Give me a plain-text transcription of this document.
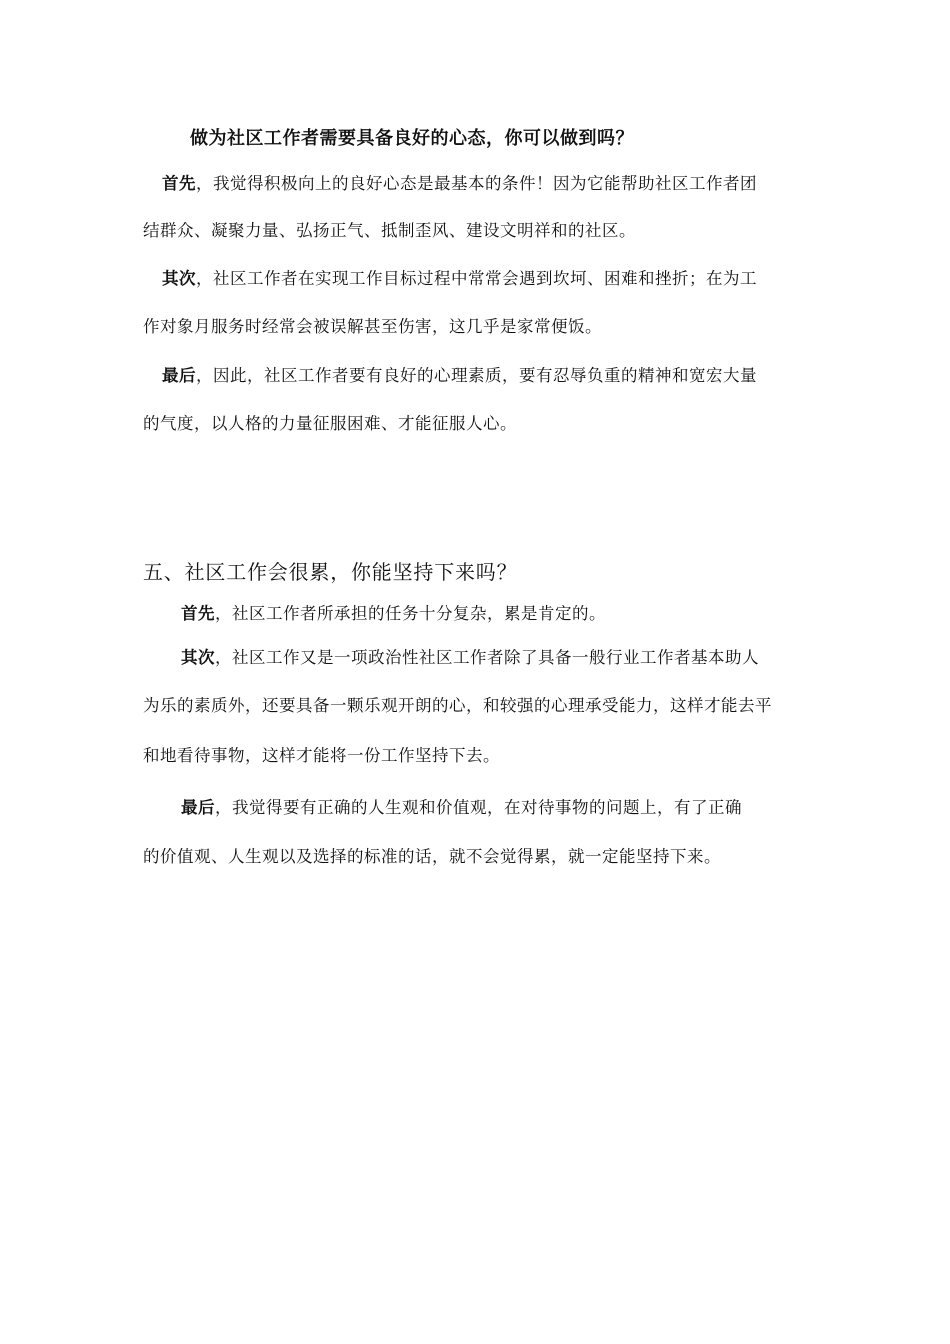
做为社区工作者需要具备良好的心态，你可以做到吗？
首先，我觉得积极向上的良好心态是最基本的条件！因为它能帮助社区工作者团
结群众、凝聚力量、弘扬正气、抵制歪风、建设文明祥和的社区。
其次，社区工作者在实现工作目标过程中常常会遇到坎坷、困难和挫折；在为工
作对象月服务时经常会被误解甚至伤害，这几乎是家常便饭。
最后，因此，社区工作者要有良好的心理素质，要有忍辱负重的精神和宽宏大量
的气度，以人格的力量征服困难、才能征服人心。
五、社区工作会很累，你能坚持下来吗？
首先，社区工作者所承担的任务十分复杂，累是肯定的。
其次，社区工作又是一项政治性社区工作者除了具备一般行业工作者基本助人
为乐的素质外，还要具备一颗乐观开朗的心，和较强的心理承受能力，这样才能去平
和地看待事物，这样才能将一份工作坚持下去。
最后，我觉得要有正确的人生观和价值观，在对待事物的问题上，有了正确
的价值观、人生观以及选择的标准的话，就不会觉得累，就一定能坚持下来。
